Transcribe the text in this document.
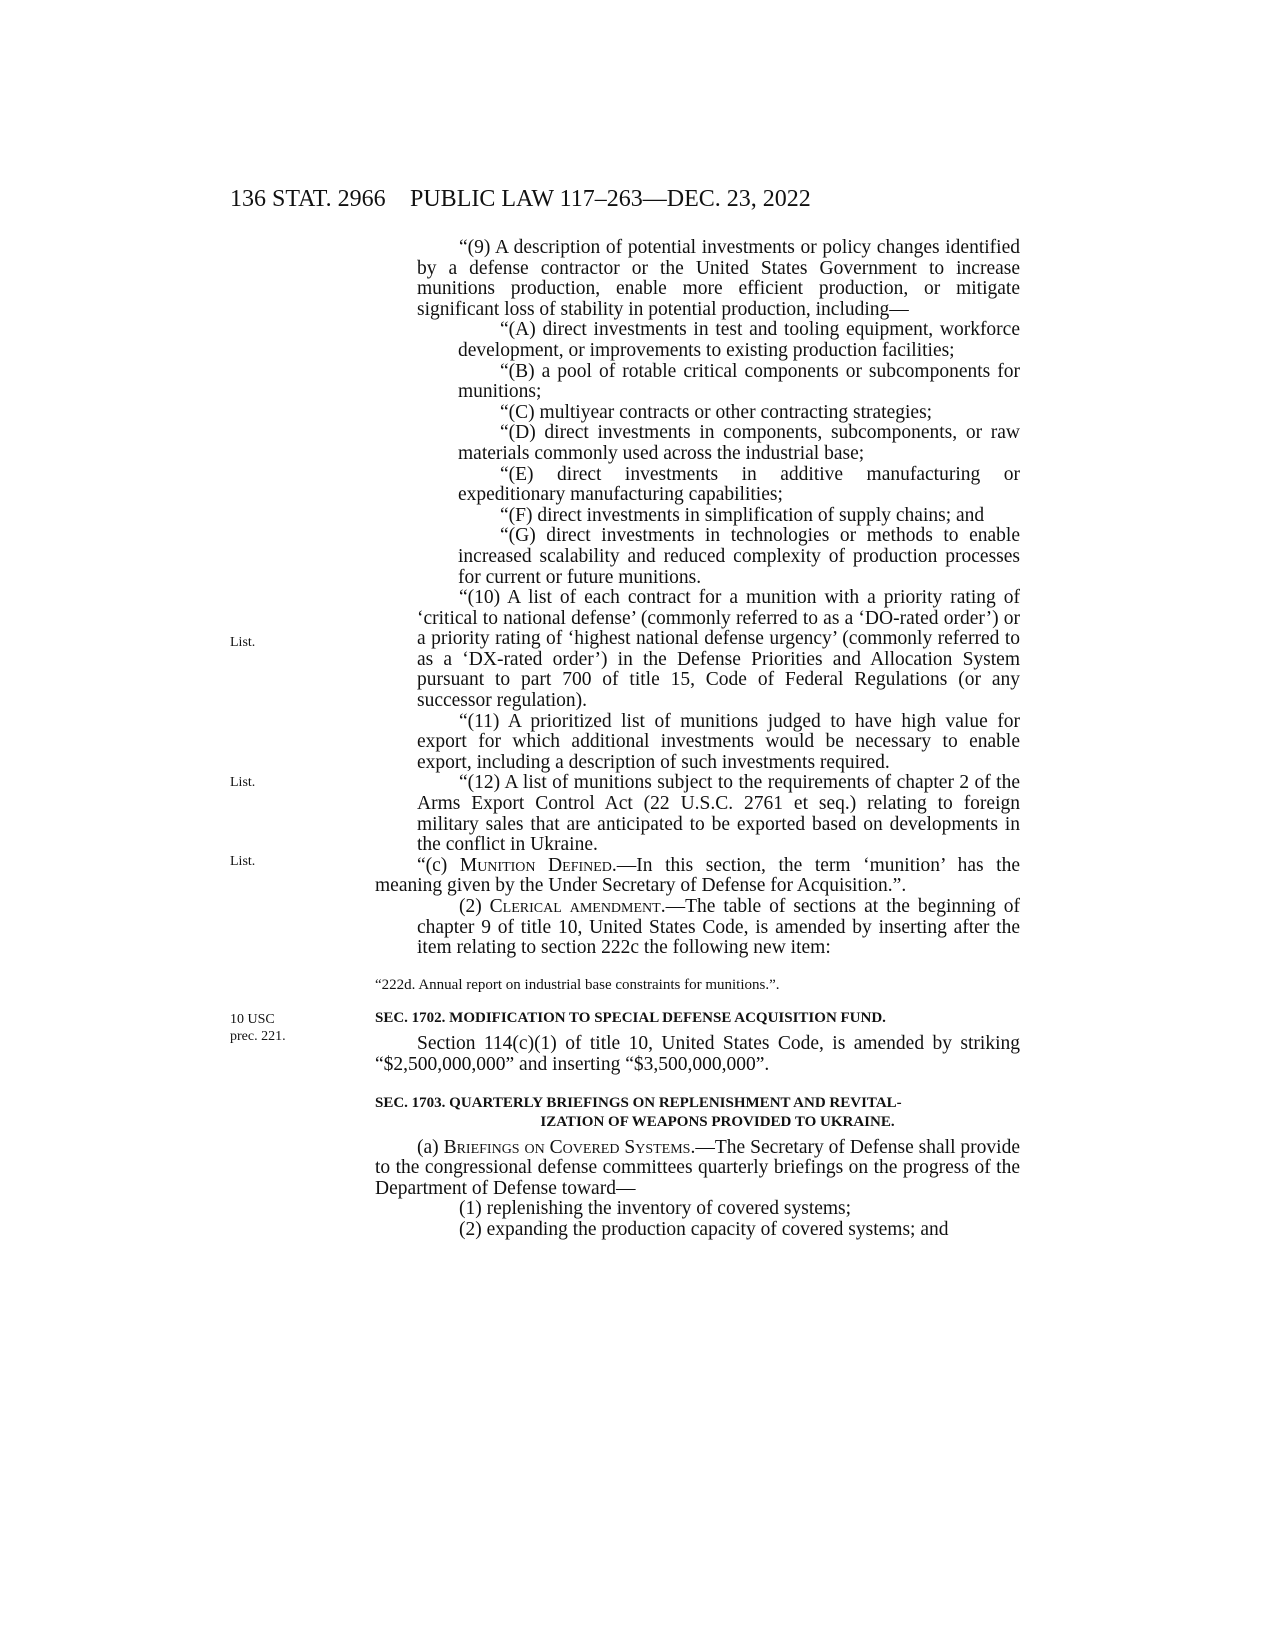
136 STAT. 2966 PUBLIC LAW 117–263—DEC. 23, 2022
List.
List.
List.
10 USC
prec. 221.

“(9) A description of potential investments or policy changes identified by a defense contractor or the United States Government to increase munitions production, enable more efficient production, or mitigate significant loss of stability in potential production, including—

“(A) direct investments in test and tooling equipment, workforce development, or improvements to existing production facilities;

“(B) a pool of rotable critical components or subcomponents for munitions;

“(C) multiyear contracts or other contracting strategies;

“(D) direct investments in components, subcomponents, or raw materials commonly used across the industrial base;

“(E) direct investments in additive manufacturing or expeditionary manufacturing capabilities;

“(F) direct investments in simplification of supply chains; and

“(G) direct investments in technologies or methods to enable increased scalability and reduced complexity of production processes for current or future munitions.

“(10) A list of each contract for a munition with a priority rating of ‘critical to national defense’ (commonly referred to as a ‘DO-rated order’) or a priority rating of ‘highest national defense urgency’ (commonly referred to as a ‘DX-rated order’) in the Defense Priorities and Allocation System pursuant to part 700 of title 15, Code of Federal Regulations (or any successor regulation).

“(11) A prioritized list of munitions judged to have high value for export for which additional investments would be necessary to enable export, including a description of such investments required.

“(12) A list of munitions subject to the requirements of chapter 2 of the Arms Export Control Act (22 U.S.C. 2761 et seq.) relating to foreign military sales that are anticipated to be exported based on developments in the conflict in Ukraine.

“(c) Munition Defined.—In this section, the term ‘munition’ has the meaning given by the Under Secretary of Defense for Acquisition.”.

(2) Clerical amendment.—The table of sections at the beginning of chapter 9 of title 10, United States Code, is amended by inserting after the item relating to section 222c the following new item:

“222d. Annual report on industrial base constraints for munitions.”.

SEC. 1702. MODIFICATION TO SPECIAL DEFENSE ACQUISITION FUND.

Section 114(c)(1) of title 10, United States Code, is amended by striking “$2,500,000,000” and inserting “$3,500,000,000”.

SEC. 1703. QUARTERLY BRIEFINGS ON REPLENISHMENT AND REVITAL-
IZATION OF WEAPONS PROVIDED TO UKRAINE.

(a) Briefings on Covered Systems.—The Secretary of Defense shall provide to the congressional defense committees quarterly briefings on the progress of the Department of Defense toward—

(1) replenishing the inventory of covered systems;

(2) expanding the production capacity of covered systems; and
